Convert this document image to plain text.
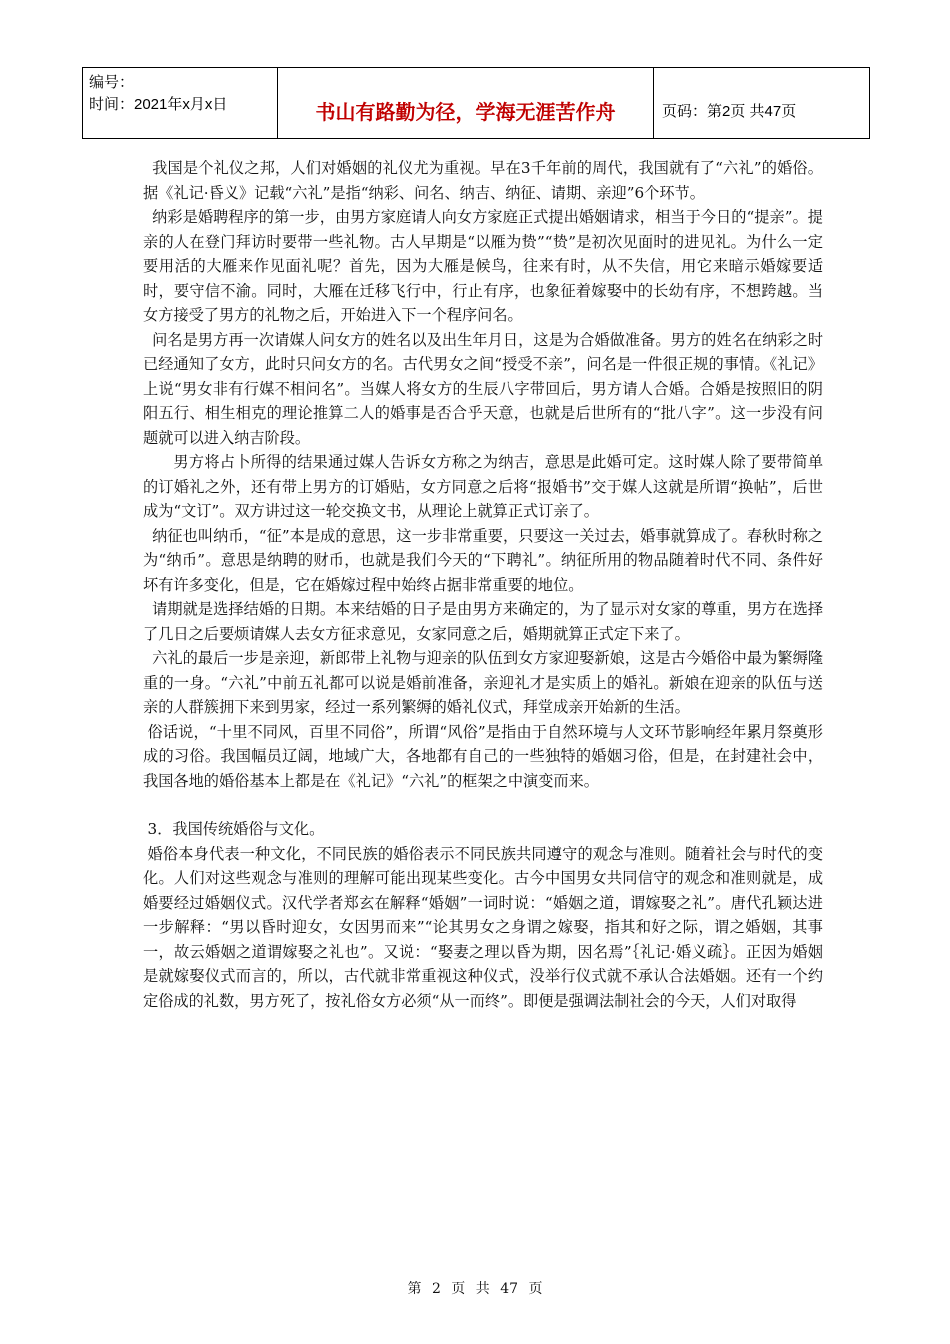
编号：
时间：2021年x月x日	书山有路勤为径，学海无涯苦作舟	页码：第2页 共47页

我国是个礼仪之邦，人们对婚姻的礼仪尤为重视。早在3千年前的周代，我国就有了“六礼”的婚俗。据《礼记·昏义》记载“六礼”是指“纳彩、问名、纳吉、纳征、请期、亲迎”6个环节。

纳彩是婚聘程序的第一步，由男方家庭请人向女方家庭正式提出婚姻请求，相当于今日的“提亲”。提亲的人在登门拜访时要带一些礼物。古人早期是“以雁为贽”“贽”是初次见面时的进见礼。为什么一定要用活的大雁来作见面礼呢？首先，因为大雁是候鸟，往来有时，从不失信，用它来暗示婚嫁要适时，要守信不渝。同时，大雁在迁移飞行中，行止有序，也象征着嫁娶中的长幼有序，不想跨越。当女方接受了男方的礼物之后，开始进入下一个程序问名。

问名是男方再一次请媒人问女方的姓名以及出生年月日，这是为合婚做准备。男方的姓名在纳彩之时已经通知了女方，此时只问女方的名。古代男女之间“授受不亲”，问名是一件很正规的事情。《礼记》上说“男女非有行媒不相问名”。当媒人将女方的生辰八字带回后，男方请人合婚。合婚是按照旧的阴阳五行、相生相克的理论推算二人的婚事是否合乎天意，也就是后世所有的“批八字”。这一步没有问题就可以进入纳吉阶段。

男方将占卜所得的结果通过媒人告诉女方称之为纳吉，意思是此婚可定。这时媒人除了要带简单的订婚礼之外，还有带上男方的订婚贴，女方同意之后将“报婚书”交于媒人这就是所谓“换帖”，后世成为“文订”。双方讲过这一轮交换文书，从理论上就算正式订亲了。

纳征也叫纳币，“征”本是成的意思，这一步非常重要，只要这一关过去，婚事就算成了。春秋时称之为“纳币”。意思是纳聘的财币，也就是我们今天的“下聘礼”。纳征所用的物品随着时代不同、条件好坏有许多变化，但是，它在婚嫁过程中始终占据非常重要的地位。

请期就是选择结婚的日期。本来结婚的日子是由男方来确定的，为了显示对女家的尊重，男方在选择了几日之后要烦请媒人去女方征求意见，女家同意之后，婚期就算正式定下来了。

六礼的最后一步是亲迎，新郎带上礼物与迎亲的队伍到女方家迎娶新娘，这是古今婚俗中最为繁缛隆重的一身。“六礼”中前五礼都可以说是婚前准备，亲迎礼才是实质上的婚礼。新娘在迎亲的队伍与送亲的人群簇拥下来到男家，经过一系列繁缛的婚礼仪式，拜堂成亲开始新的生活。

俗话说，“十里不同风，百里不同俗”，所谓“风俗”是指由于自然环境与人文环节影响经年累月祭奠形成的习俗。我国幅员辽阔，地域广大，各地都有自己的一些独特的婚姻习俗，但是，在封建社会中，我国各地的婚俗基本上都是在《礼记》“六礼”的框架之中演变而来。

3．我国传统婚俗与文化。

婚俗本身代表一种文化，不同民族的婚俗表示不同民族共同遵守的观念与准则。随着社会与时代的变化。人们对这些观念与准则的理解可能出现某些变化。古今中国男女共同信守的观念和准则就是，成婚要经过婚姻仪式。汉代学者郑玄在解释“婚姻”一词时说：“婚姻之道，谓嫁娶之礼”。唐代孔颖达进一步解释：“男以昏时迎女，女因男而来”“论其男女之身谓之嫁娶，指其和好之际，谓之婚姻，其事一，故云婚姻之道谓嫁娶之礼也”。又说：“娶妻之理以昏为期，因名焉”｛礼记·婚义疏｝。正因为婚姻是就嫁娶仪式而言的，所以，古代就非常重视这种仪式，没举行仪式就不承认合法婚姻。还有一个约定俗成的礼数，男方死了，按礼俗女方必须“从一而终”。即便是强调法制社会的今天，人们对取得

第 2 页 共 47 页
